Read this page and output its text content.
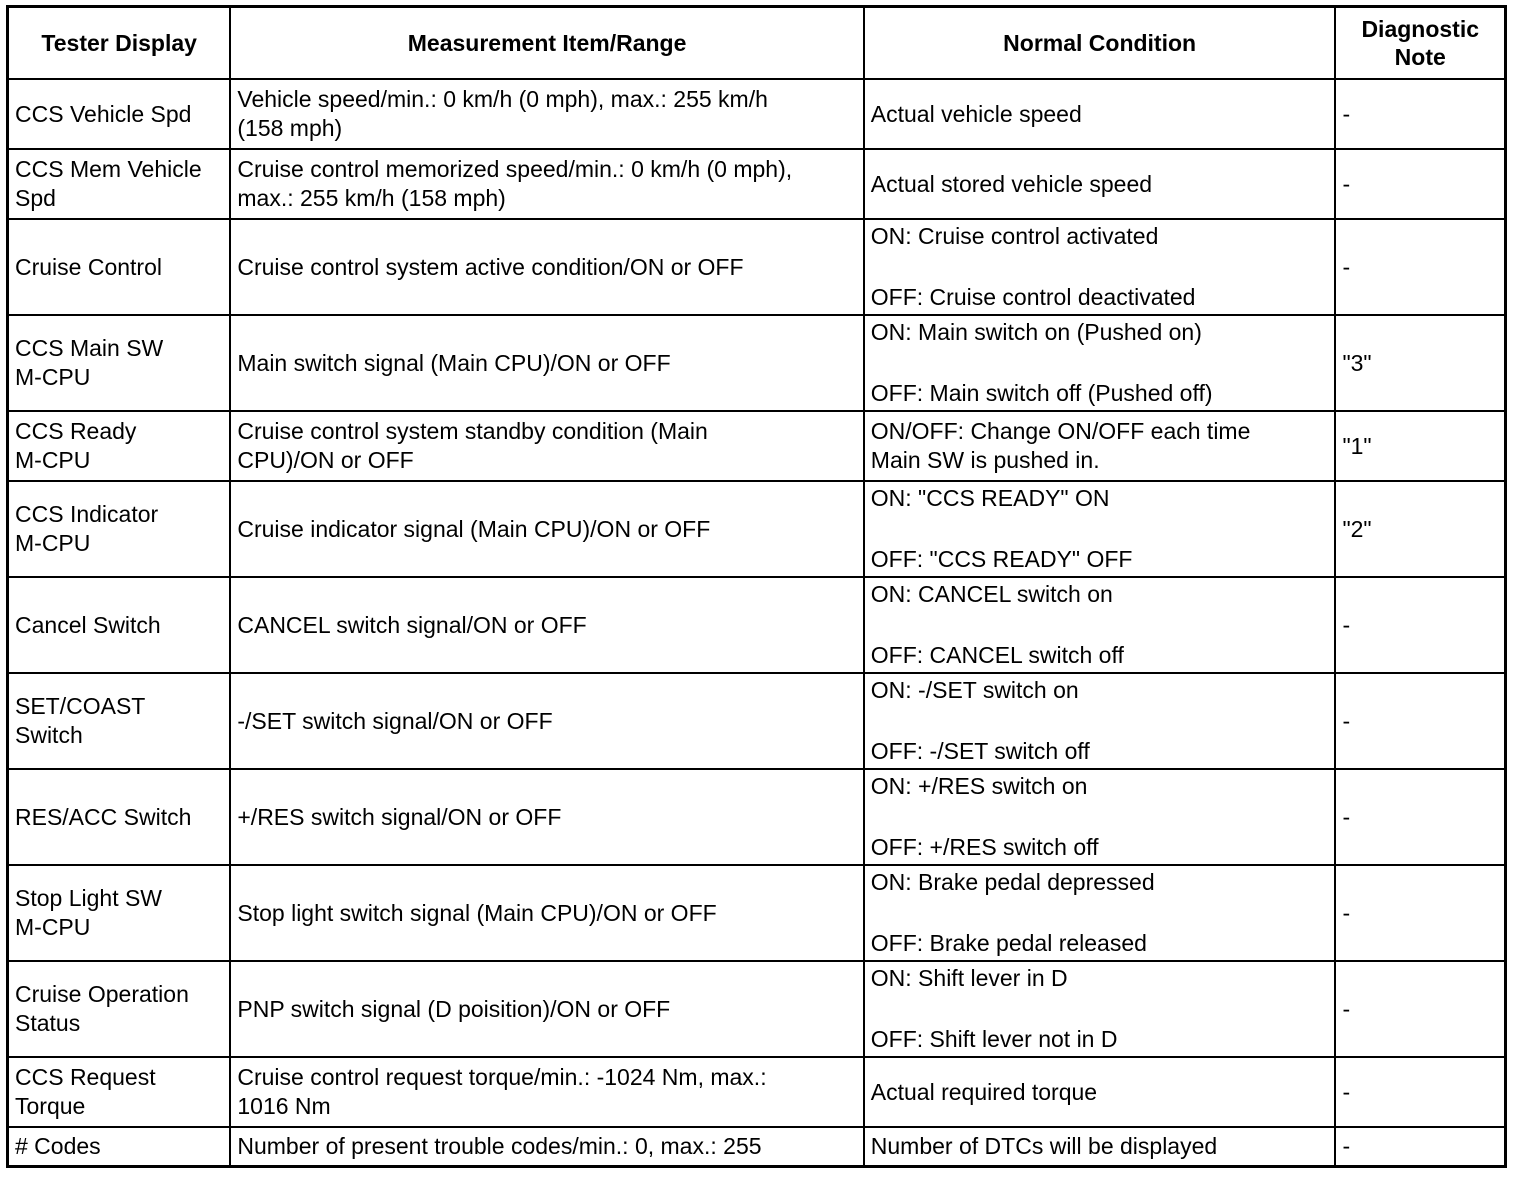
Tester Display	Measurement Item/Range	Normal Condition	Diagnostic
Note

CCS Vehicle Spd	Vehicle speed/min.: 0 km/h (0 mph), max.: 255 km/h
(158 mph)	Actual vehicle speed	-

CCS Mem Vehicle
Spd	Cruise control memorized speed/min.: 0 km/h (0 mph),
max.: 255 km/h (158 mph)	Actual stored vehicle speed	-

Cruise Control	Cruise control system active condition/ON or OFF	ON: Cruise control activated
OFF: Cruise control deactivated	-

CCS Main SW
M-CPU	Main switch signal (Main CPU)/ON or OFF	ON: Main switch on (Pushed on)
OFF: Main switch off (Pushed off)	"3"

CCS Ready
M-CPU	Cruise control system standby condition (Main
CPU)/ON or OFF	ON/OFF: Change ON/OFF each time
Main SW is pushed in.	"1"

CCS Indicator
M-CPU	Cruise indicator signal (Main CPU)/ON or OFF	ON: "CCS READY" ON
OFF: "CCS READY" OFF	"2"

Cancel Switch	CANCEL switch signal/ON or OFF	ON: CANCEL switch on
OFF: CANCEL switch off	-

SET/COAST
Switch	-/SET switch signal/ON or OFF	ON: -/SET switch on
OFF: -/SET switch off	-

RES/ACC Switch	+/RES switch signal/ON or OFF	ON: +/RES switch on
OFF: +/RES switch off	-

Stop Light SW
M-CPU	Stop light switch signal (Main CPU)/ON or OFF	ON: Brake pedal depressed
OFF: Brake pedal released	-

Cruise Operation
Status	PNP switch signal (D poisition)/ON or OFF	ON: Shift lever in D
OFF: Shift lever not in D	-

CCS Request
Torque	Cruise control request torque/min.: -1024 Nm, max.:
1016 Nm	Actual required torque	-

# Codes	Number of present trouble codes/min.: 0, max.: 255	Number of DTCs will be displayed	-
